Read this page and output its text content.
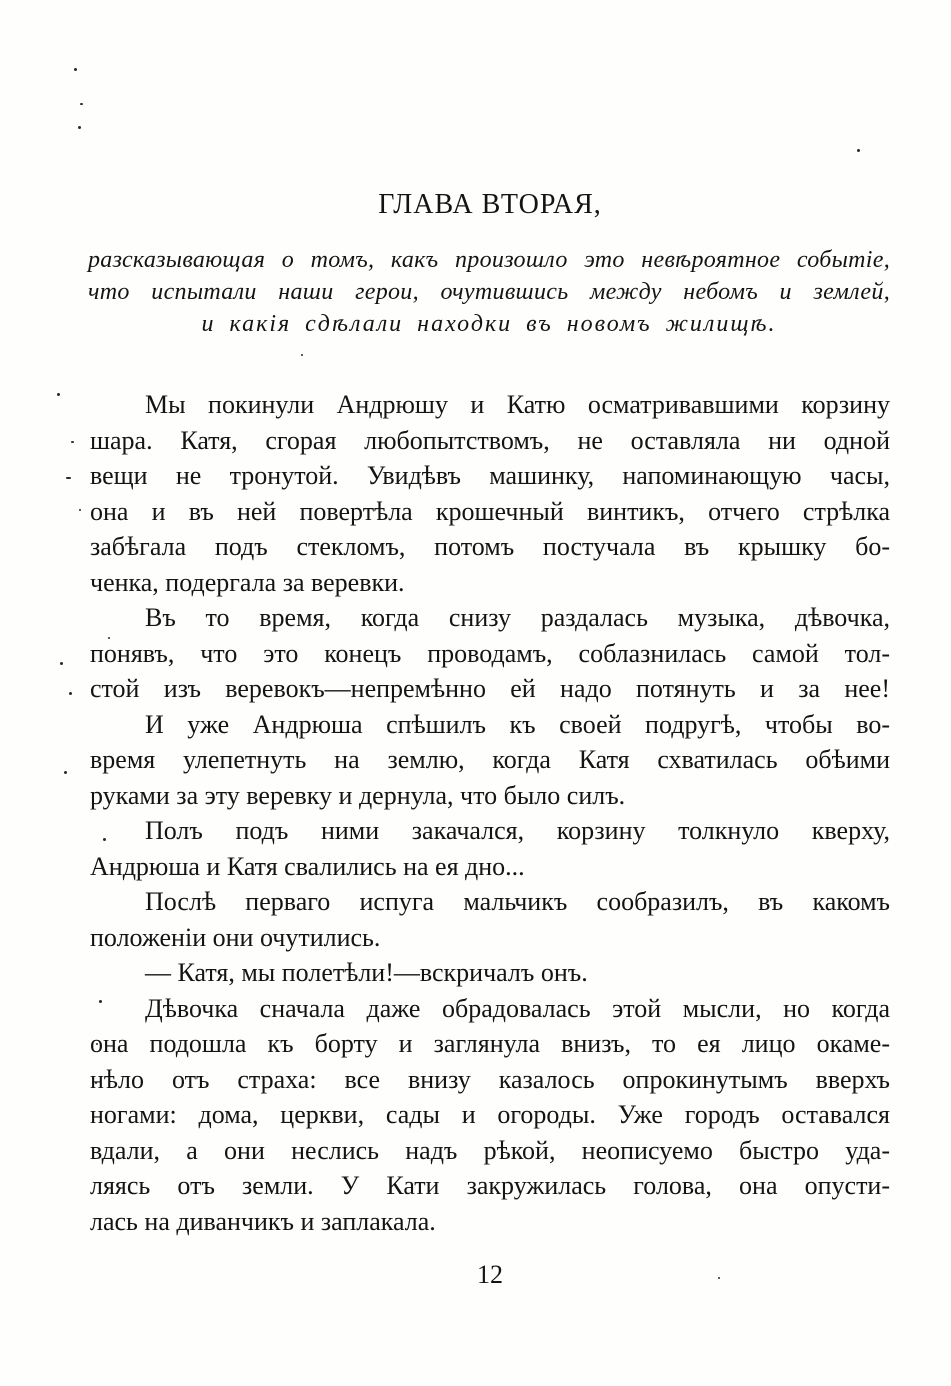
ГЛАВА ВТОРАЯ,
разсказывающая о томъ, какъ произошло это невѣроятное событіе,
что испытали наши герои, очутившись между небомъ и землей,
и какія сдѣлали находки въ новомъ жилищѣ.
Мы покинули Андрюшу и Катю осматривавшими корзину
шара. Катя, сгорая любопытствомъ, не оставляла ни одной
вещи не тронутой. Увидѣвъ машинку, напоминающую часы,
она и въ ней повертѣла крошечный винтикъ, отчего стрѣлка
забѣгала подъ стекломъ, потомъ постучала въ крышку бо-
ченка, подергала за веревки.
Въ то время, когда снизу раздалась музыка, дѣвочка,
понявъ, что это конецъ проводамъ, соблазнилась самой тол-
стой изъ веревокъ—непремѣнно ей надо потянуть и за нее!
И уже Андрюша спѣшилъ къ своей подругѣ, чтобы во-
время улепетнуть на землю, когда Катя схватилась обѣими
руками за эту веревку и дернула, что было силъ.
Полъ подъ ними закачался, корзину толкнуло кверху,
Андрюша и Катя свалились на ея дно...
Послѣ перваго испуга мальчикъ сообразилъ, въ какомъ
положеніи они очутились.
— Катя, мы полетѣли!—вскричалъ онъ.
Дѣвочка сначала даже обрадовалась этой мысли, но когда
она подошла къ борту и заглянула внизъ, то ея лицо окаме-
нѣло отъ страха: все внизу казалось опрокинутымъ вверхъ
ногами: дома, церкви, сады и огороды. Уже городъ оставался
вдали, а они неслись надъ рѣкой, неописуемо быстро уда-
ляясь отъ земли. У Кати закружилась голова, она опусти-
лась на диванчикъ и заплакала.
12
